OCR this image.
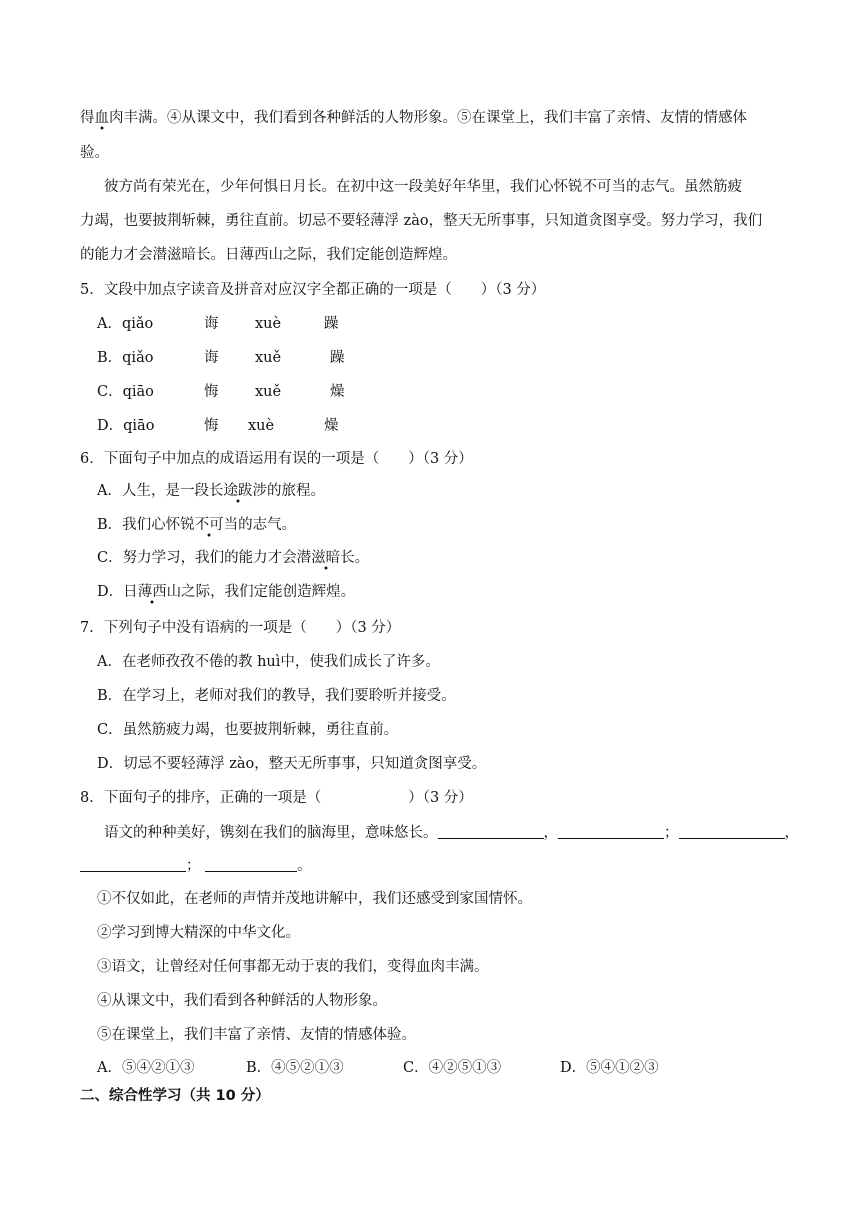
得血肉丰满。④从课文中，我们看到各种鲜活的人物形象。⑤在课堂上，我们丰富了亲情、友情的情感体
验。
彼方尚有荣光在，少年何惧日月长。在初中这一段美好年华里，我们心怀锐不可当的志气。虽然筋疲
力竭，也要披荆斩棘，勇往直前。切忌不要轻薄浮 zào，整天无所事事，只知道贪图享受。努力学习，我们
的能力才会潜滋暗长。日薄西山之际，我们定能创造辉煌。
5．文段中加点字读音及拼音对应汉字全都正确的一项是（　　）（3 分）
A．qiǎo	诲	xuè	躁
B．qiǎo	诲	xuě	躁
C．qiāo	悔	xuě	燥
D．qiāo	悔 xuè	燥
6．下面句子中加点的成语运用有误的一项是（　　）（3 分）
A．人生，是一段长途跋涉的旅程。
B．我们心怀锐不可当的志气。
C．努力学习，我们的能力才会潜滋暗长。
D．日薄西山之际，我们定能创造辉煌。
7．下列句子中没有语病的一项是（　　）（3 分）
A．在老师孜孜不倦的教 huì中，使我们成长了许多。
B．在学习上，老师对我们的教导，我们要聆听并接受。
C．虽然筋疲力竭，也要披荆斩棘，勇往直前。
D．切忌不要轻薄浮 zào，整天无所事事，只知道贪图享受。
8．下面句子的排序，正确的一项是（　　　　　　）（3 分）
语文的种种美好，镌刻在我们的脑海里，意味悠长。	，	；	，
；	。
①不仅如此，在老师的声情并茂地讲解中，我们还感受到家国情怀。
②学习到博大精深的中华文化。
③语文，让曾经对任何事都无动于衷的我们，变得血肉丰满。
④从课文中，我们看到各种鲜活的人物形象。
⑤在课堂上，我们丰富了亲情、友情的情感体验。
A．⑤④②①③	B．④⑤②①③	C．④②⑤①③	D．⑤④①②③
二、综合性学习（共 10 分）
